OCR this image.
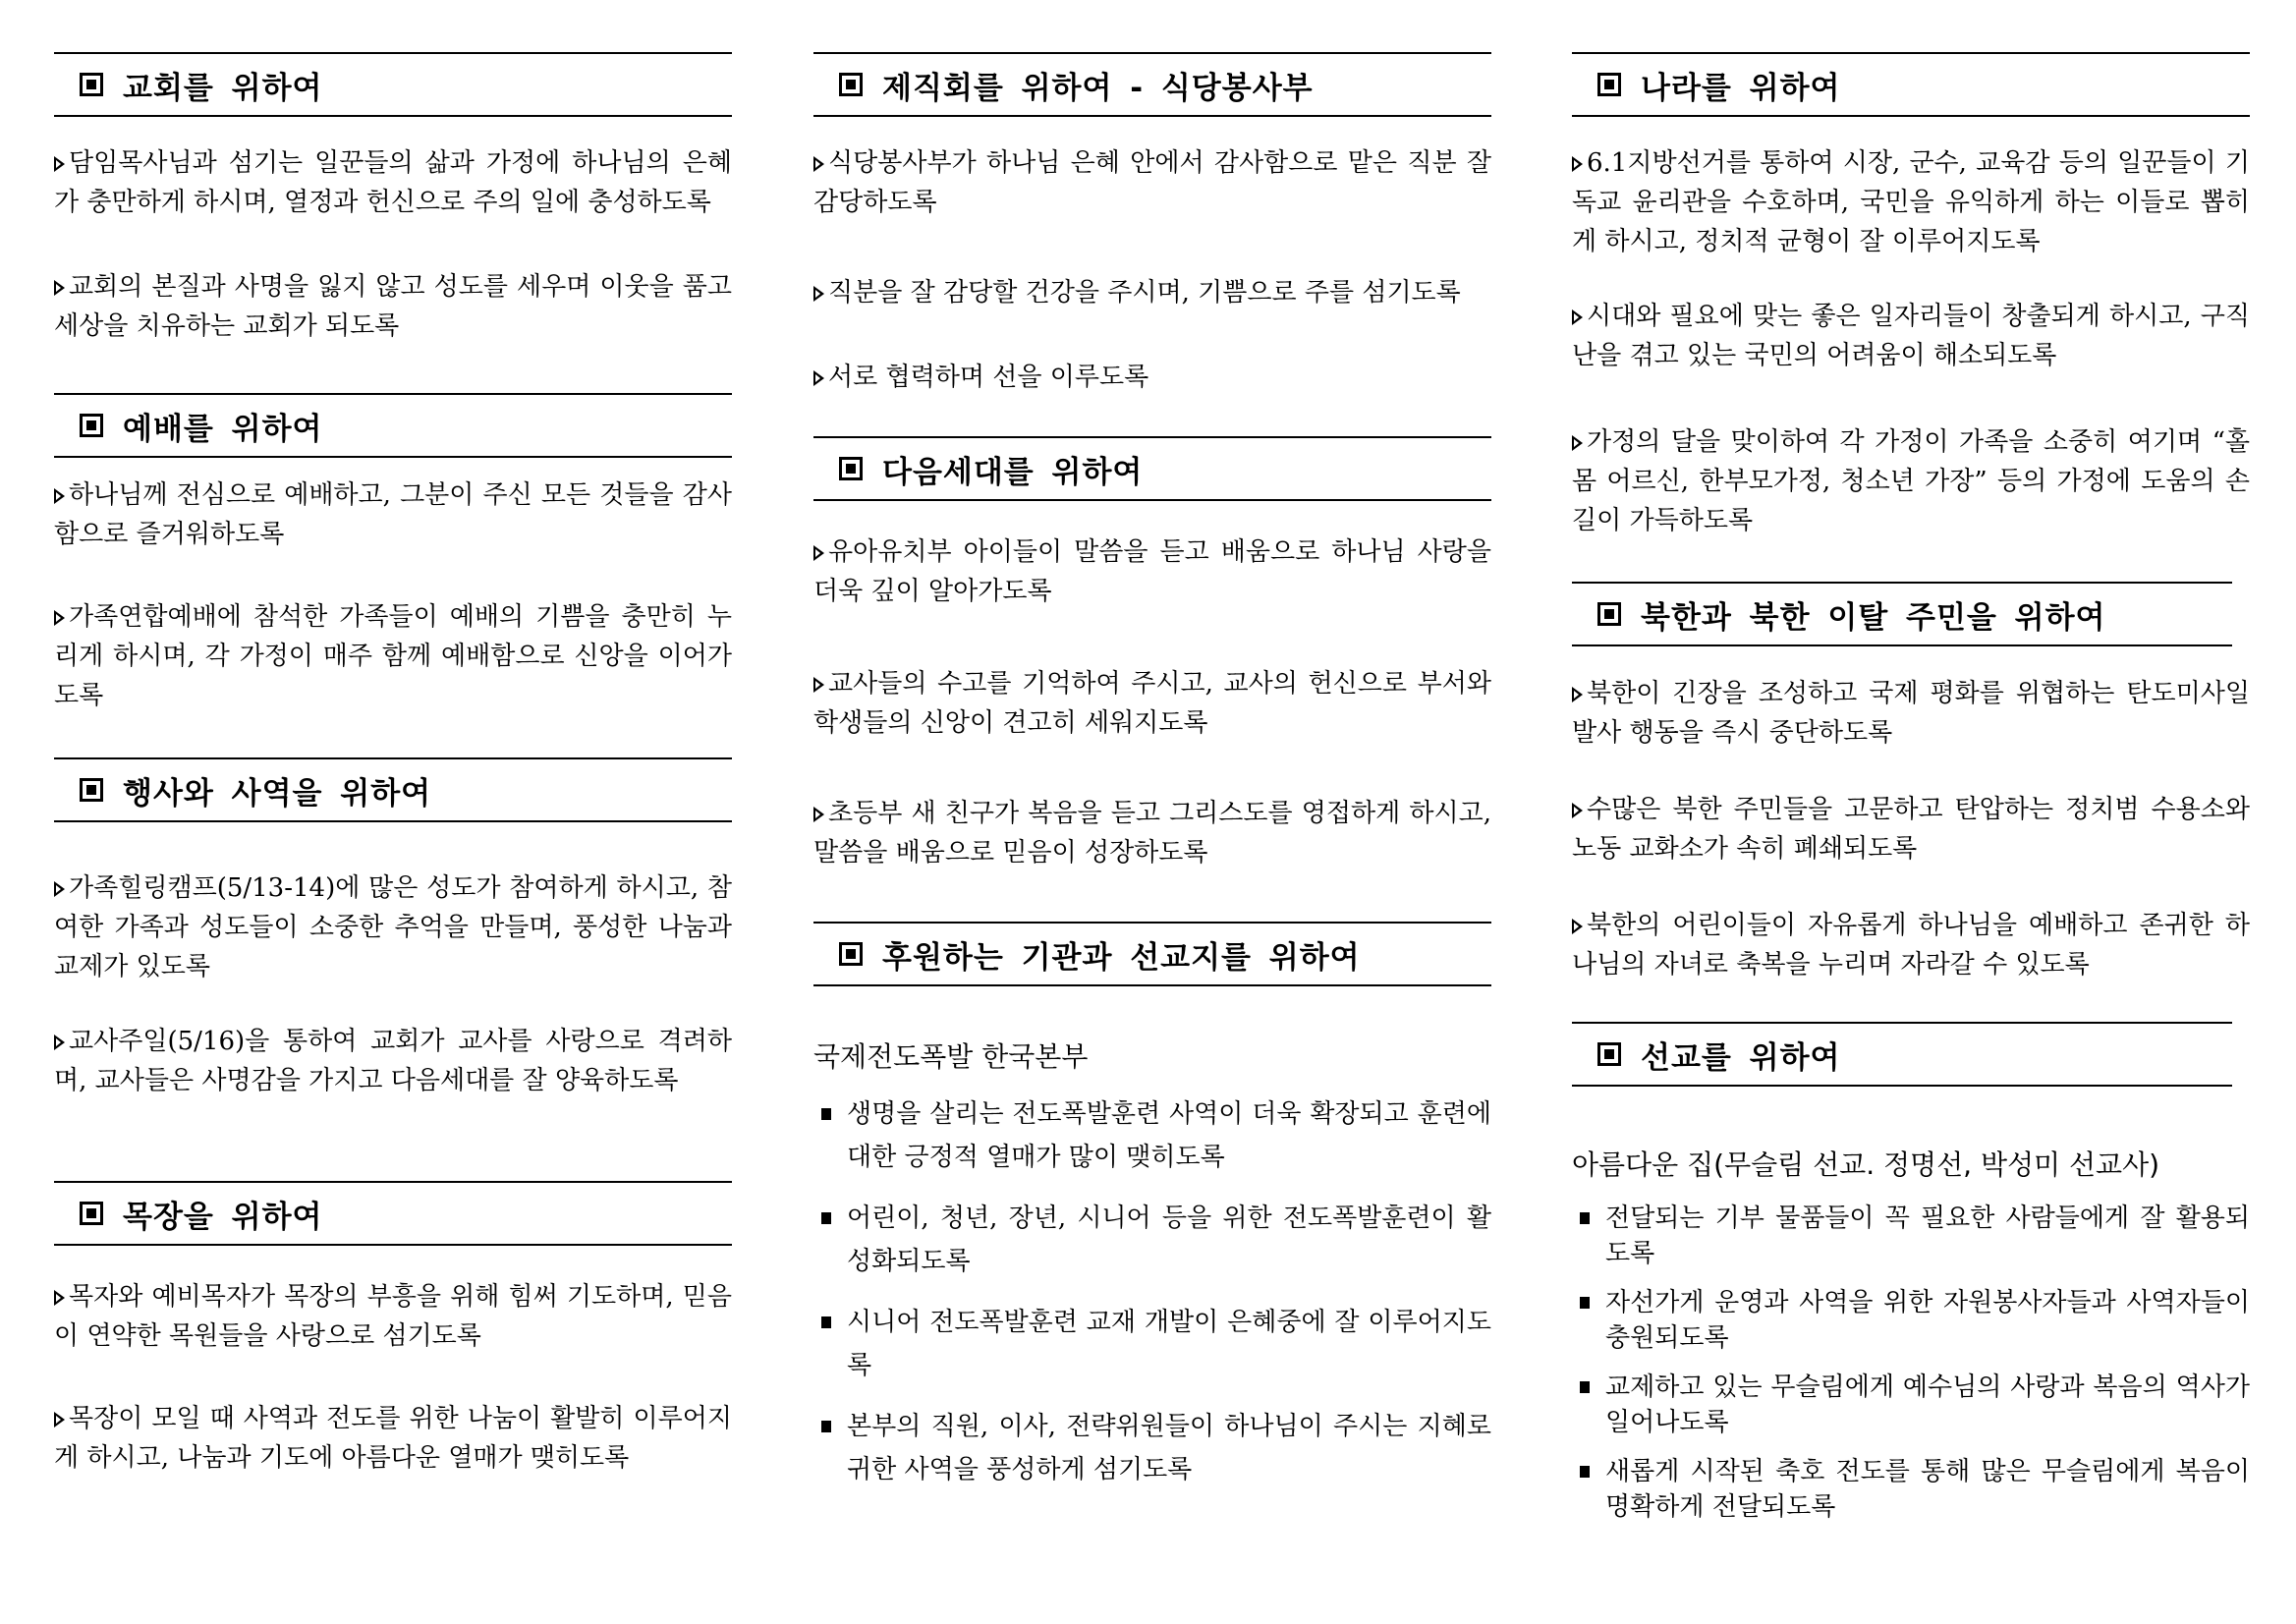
교회를 위하여
담임목사님과 섬기는 일꾼들의 삶과 가정에 하나님의 은혜가 충만하게 하시며, 열정과 헌신으로 주의 일에 충성하도록
교회의 본질과 사명을 잃지 않고 성도를 세우며 이웃을 품고 세상을 치유하는 교회가 되도록
예배를 위하여
하나님께 전심으로 예배하고, 그분이 주신 모든 것들을 감사함으로 즐거워하도록
가족연합예배에 참석한 가족들이 예배의 기쁨을 충만히 누리게 하시며, 각 가정이 매주 함께 예배함으로 신앙을 이어가도록
행사와 사역을 위하여
가족힐링캠프(5/13-14)에 많은 성도가 참여하게 하시고, 참여한 가족과 성도들이 소중한 추억을 만들며, 풍성한 나눔과 교제가 있도록
교사주일(5/16)을 통하여 교회가 교사를 사랑으로 격려하며, 교사들은 사명감을 가지고 다음세대를 잘 양육하도록
목장을 위하여
목자와 예비목자가 목장의 부흥을 위해 힘써 기도하며, 믿음이 연약한 목원들을 사랑으로 섬기도록
목장이 모일 때 사역과 전도를 위한 나눔이 활발히 이루어지게 하시고, 나눔과 기도에 아름다운 열매가 맺히도록
제직회를 위하여 - 식당봉사부
식당봉사부가 하나님 은혜 안에서 감사함으로 맡은 직분 잘 감당하도록
직분을 잘 감당할 건강을 주시며, 기쁨으로 주를 섬기도록
서로 협력하며 선을 이루도록
다음세대를 위하여
유아유치부 아이들이 말씀을 듣고 배움으로 하나님 사랑을 더욱 깊이 알아가도록
교사들의 수고를 기억하여 주시고, 교사의 헌신으로 부서와 학생들의 신앙이 견고히 세워지도록
초등부 새 친구가 복음을 듣고 그리스도를 영접하게 하시고, 말씀을 배움으로 믿음이 성장하도록
후원하는 기관과 선교지를 위하여
국제전도폭발 한국본부
생명을 살리는 전도폭발훈련 사역이 더욱 확장되고 훈련에 대한 긍정적 열매가 많이 맺히도록
어린이, 청년, 장년, 시니어 등을 위한 전도폭발훈련이 활성화되도록
시니어 전도폭발훈련 교재 개발이 은혜중에 잘 이루어지도록
본부의 직원, 이사, 전략위원들이 하나님이 주시는 지혜로 귀한 사역을 풍성하게 섬기도록
나라를 위하여
6.1지방선거를 통하여 시장, 군수, 교육감 등의 일꾼들이 기독교 윤리관을 수호하며, 국민을 유익하게 하는 이들로 뽑히게 하시고, 정치적 균형이 잘 이루어지도록
시대와 필요에 맞는 좋은 일자리들이 창출되게 하시고, 구직난을 겪고 있는 국민의 어려움이 해소되도록
가정의 달을 맞이하여 각 가정이 가족을 소중히 여기며 “홀몸 어르신, 한부모가정, 청소년 가장” 등의 가정에 도움의 손길이 가득하도록
북한과 북한 이탈 주민을 위하여
북한이 긴장을 조성하고 국제 평화를 위협하는 탄도미사일 발사 행동을 즉시 중단하도록
수많은 북한 주민들을 고문하고 탄압하는 정치범 수용소와 노동 교화소가 속히 폐쇄되도록
북한의 어린이들이 자유롭게 하나님을 예배하고 존귀한 하나님의 자녀로 축복을 누리며 자라갈 수 있도록
선교를 위하여
아름다운 집(무슬림 선교. 정명선, 박성미 선교사)
전달되는 기부 물품들이 꼭 필요한 사람들에게 잘 활용되도록
자선가게 운영과 사역을 위한 자원봉사자들과 사역자들이 충원되도록
교제하고 있는 무슬림에게 예수님의 사랑과 복음의 역사가 일어나도록
새롭게 시작된 축호 전도를 통해 많은 무슬림에게 복음이 명확하게 전달되도록
